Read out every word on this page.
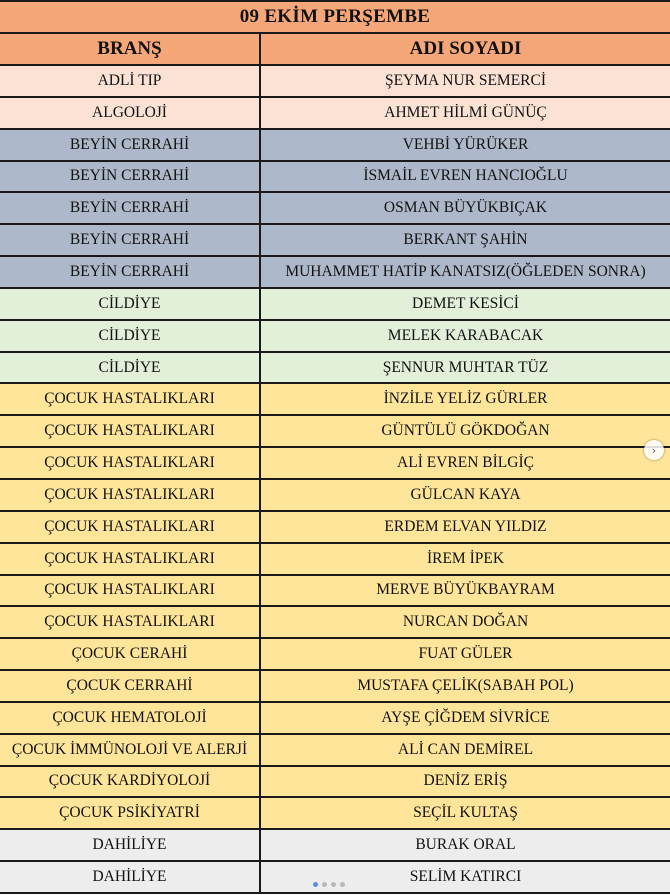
09 EKİM PERŞEMBE
BRANŞ	ADI SOYADI
ADLİ TIP	ŞEYMA NUR SEMERCİ
ALGOLOJİ	AHMET HİLMİ GÜNÜÇ
BEYİN CERRAHİ	VEHBİ YÜRÜKER
BEYİN CERRAHİ	İSMAİL EVREN HANCIOĞLU
BEYİN CERRAHİ	OSMAN BÜYÜKBIÇAK
BEYİN CERRAHİ	BERKANT ŞAHİN
BEYİN CERRAHİ	MUHAMMET HATİP KANATSIZ(ÖĞLEDEN SONRA)
CİLDİYE	DEMET KESİCİ
CİLDİYE	MELEK KARABACAK
CİLDİYE	ŞENNUR MUHTAR TÜZ
ÇOCUK HASTALIKLARI	İNZİLE YELİZ GÜRLER
ÇOCUK HASTALIKLARI	GÜNTÜLÜ GÖKDOĞAN
ÇOCUK HASTALIKLARI	ALİ EVREN BİLGİÇ
ÇOCUK HASTALIKLARI	GÜLCAN KAYA
ÇOCUK HASTALIKLARI	ERDEM ELVAN YILDIZ
ÇOCUK HASTALIKLARI	İREM İPEK
ÇOCUK HASTALIKLARI	MERVE BÜYÜKBAYRAM
ÇOCUK HASTALIKLARI	NURCAN DOĞAN
ÇOCUK CERAHİ	FUAT GÜLER
ÇOCUK CERRAHİ	MUSTAFA ÇELİK(SABAH POL)
ÇOCUK HEMATOLOJİ	AYŞE ÇİĞDEM SİVRİCE
ÇOCUK İMMÜNOLOJİ VE ALERJİ	ALİ CAN DEMİREL
ÇOCUK KARDİYOLOJİ	DENİZ ERİŞ
ÇOCUK PSİKİYATRİ	SEÇİL KULTAŞ
DAHİLİYE	BURAK ORAL
DAHİLİYE	SELİM KATIRCI
›
